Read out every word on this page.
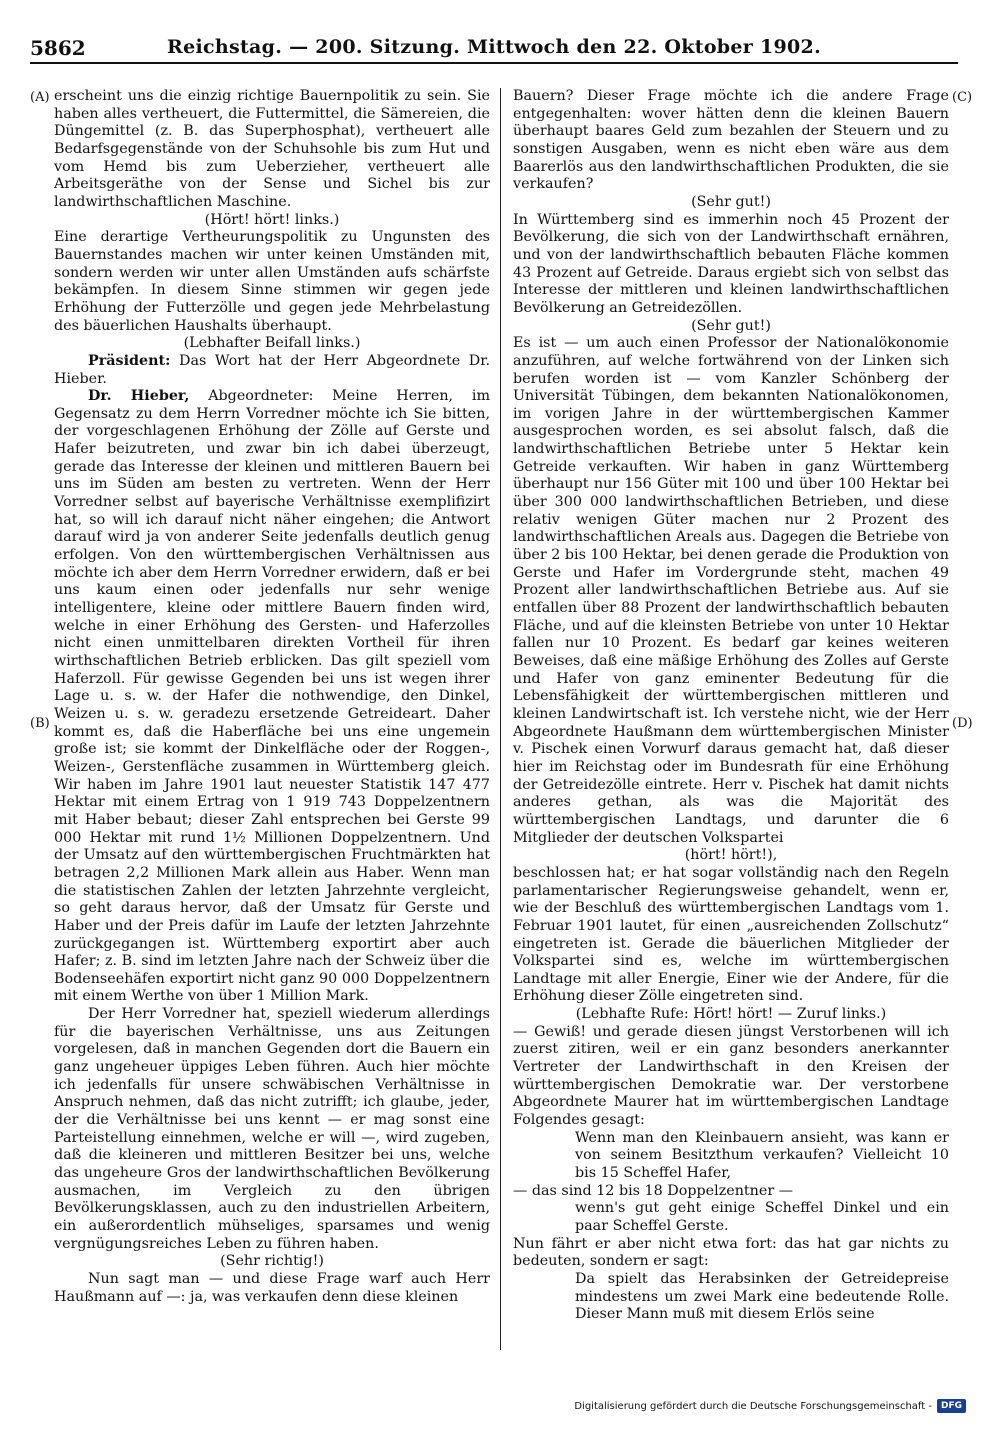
5862	Reichstag. — 200. Sitzung. Mittwoch den 22. Oktober 1902.
(A)
(B)
(C)
(D)

erscheint uns die einzig richtige Bauernpolitik zu sein. Sie haben alles vertheuert, die Futtermittel, die Sämereien, die Düngemittel (z. B. das Superphosphat), vertheuert alle Bedarfsgegenstände von der Schuhsohle bis zum Hut und vom Hemd bis zum Ueberzieher, vertheuert alle Arbeitsgeräthe von der Sense und Sichel bis zur landwirthschaftlichen Maschine.

(Hört! hört! links.)

Eine derartige Vertheurungspolitik zu Ungunsten des Bauernstandes machen wir unter keinen Umständen mit, sondern werden wir unter allen Umständen aufs schärfste bekämpfen. In diesem Sinne stimmen wir gegen jede Erhöhung der Futterzölle und gegen jede Mehrbelastung des bäuerlichen Haushalts überhaupt.

(Lebhafter Beifall links.)

Präsident: Das Wort hat der Herr Abgeordnete Dr. Hieber.

Dr. Hieber, Abgeordneter: Meine Herren, im Gegensatz zu dem Herrn Vorredner möchte ich Sie bitten, der vorgeschlagenen Erhöhung der Zölle auf Gerste und Hafer beizutreten, und zwar bin ich dabei überzeugt, gerade das Interesse der kleinen und mittleren Bauern bei uns im Süden am besten zu vertreten. Wenn der Herr Vorredner selbst auf bayerische Verhältnisse exemplifizirt hat, so will ich darauf nicht näher eingehen; die Antwort darauf wird ja von anderer Seite jedenfalls deutlich genug erfolgen. Von den württembergischen Verhältnissen aus möchte ich aber dem Herrn Vorredner erwidern, daß er bei uns kaum einen oder jedenfalls nur sehr wenige intelligentere, kleine oder mittlere Bauern finden wird, welche in einer Erhöhung des Gersten- und Haferzolles nicht einen unmittelbaren direkten Vortheil für ihren wirthschaftlichen Betrieb erblicken. Das gilt speziell vom Haferzoll. Für gewisse Gegenden bei uns ist wegen ihrer Lage u. s. w. der Hafer die nothwendige, den Dinkel, Weizen u. s. w. geradezu ersetzende Getreideart. Daher kommt es, daß die Haberfläche bei uns eine ungemein große ist; sie kommt der Dinkelfläche oder der Roggen-, Weizen-, Gerstenfläche zusammen in Württemberg gleich. Wir haben im Jahre 1901 laut neuester Statistik 147 477 Hektar mit einem Ertrag von 1 919 743 Doppelzentnern mit Haber bebaut; dieser Zahl entsprechen bei Gerste 99 000 Hektar mit rund 1½ Millionen Doppelzentnern. Und der Umsatz auf den württembergischen Fruchtmärkten hat betragen 2,2 Millionen Mark allein aus Haber. Wenn man die statistischen Zahlen der letzten Jahrzehnte vergleicht, so geht daraus hervor, daß der Umsatz für Gerste und Haber und der Preis dafür im Laufe der letzten Jahrzehnte zurückgegangen ist. Württemberg exportirt aber auch Hafer; z. B. sind im letzten Jahre nach der Schweiz über die Bodenseehäfen exportirt nicht ganz 90 000 Doppelzentnern mit einem Werthe von über 1 Million Mark.

Der Herr Vorredner hat, speziell wiederum allerdings für die bayerischen Verhältnisse, uns aus Zeitungen vorgelesen, daß in manchen Gegenden dort die Bauern ein ganz ungeheuer üppiges Leben führen. Auch hier möchte ich jedenfalls für unsere schwäbischen Verhältnisse in Anspruch nehmen, daß das nicht zutrifft; ich glaube, jeder, der die Verhältnisse bei uns kennt — er mag sonst eine Parteistellung einnehmen, welche er will —, wird zugeben, daß die kleineren und mittleren Besitzer bei uns, welche das ungeheure Gros der landwirthschaftlichen Bevölkerung ausmachen, im Vergleich zu den übrigen Bevölkerungsklassen, auch zu den industriellen Arbeitern, ein außerordentlich mühseliges, sparsames und wenig vergnügungsreiches Leben zu führen haben.

(Sehr richtig!)

Nun sagt man — und diese Frage warf auch Herr Haußmann auf —: ja, was verkaufen denn diese kleinen

Bauern? Dieser Frage möchte ich die andere Frage entgegenhalten: wover hätten denn die kleinen Bauern überhaupt baares Geld zum bezahlen der Steuern und zu sonstigen Ausgaben, wenn es nicht eben wäre aus dem Baarerlös aus den landwirthschaftlichen Produkten, die sie verkaufen?

(Sehr gut!)

In Württemberg sind es immerhin noch 45 Prozent der Bevölkerung, die sich von der Landwirthschaft ernähren, und von der landwirthschaftlich bebauten Fläche kommen 43 Prozent auf Getreide. Daraus ergiebt sich von selbst das Interesse der mittleren und kleinen landwirthschaftlichen Bevölkerung an Getreidezöllen.

(Sehr gut!)

Es ist — um auch einen Professor der Nationalökonomie anzuführen, auf welche fortwährend von der Linken sich berufen worden ist — vom Kanzler Schönberg der Universität Tübingen, dem bekannten Nationalökonomen, im vorigen Jahre in der württembergischen Kammer ausgesprochen worden, es sei absolut falsch, daß die landwirthschaftlichen Betriebe unter 5 Hektar kein Getreide verkauften. Wir haben in ganz Württemberg überhaupt nur 156 Güter mit 100 und über 100 Hektar bei über 300 000 landwirthschaftlichen Betrieben, und diese relativ wenigen Güter machen nur 2 Prozent des landwirthschaftlichen Areals aus. Dagegen die Betriebe von über 2 bis 100 Hektar, bei denen gerade die Produktion von Gerste und Hafer im Vordergrunde steht, machen 49 Prozent aller landwirthschaftlichen Betriebe aus. Auf sie entfallen über 88 Prozent der landwirthschaftlich bebauten Fläche, und auf die kleinsten Betriebe von unter 10 Hektar fallen nur 10 Prozent. Es bedarf gar keines weiteren Beweises, daß eine mäßige Erhöhung des Zolles auf Gerste und Hafer von ganz eminenter Bedeutung für die Lebensfähigkeit der württembergischen mittleren und kleinen Landwirtschaft ist. Ich verstehe nicht, wie der Herr Abgeordnete Haußmann dem württembergischen Minister v. Pischek einen Vorwurf daraus gemacht hat, daß dieser hier im Reichstag oder im Bundesrath für eine Erhöhung der Getreidezölle eintrete. Herr v. Pischek hat damit nichts anderes gethan, als was die Majorität des württembergischen Landtags, und darunter die 6 Mitglieder der deutschen Volkspartei

(hört! hört!),

beschlossen hat; er hat sogar vollständig nach den Regeln parlamentarischer Regierungsweise gehandelt, wenn er, wie der Beschluß des württembergischen Landtags vom 1. Februar 1901 lautet, für einen „ausreichenden Zollschutz“ eingetreten ist. Gerade die bäuerlichen Mitglieder der Volkspartei sind es, welche im württembergischen Landtage mit aller Energie, Einer wie der Andere, für die Erhöhung dieser Zölle eingetreten sind.

(Lebhafte Rufe: Hört! hört! — Zuruf links.)

— Gewiß! und gerade diesen jüngst Verstorbenen will ich zuerst zitiren, weil er ein ganz besonders anerkannter Vertreter der Landwirthschaft in den Kreisen der württembergischen Demokratie war. Der verstorbene Abgeordnete Maurer hat im württembergischen Landtage Folgendes gesagt:

Wenn man den Kleinbauern ansieht, was kann er von seinem Besitzthum verkaufen? Vielleicht 10 bis 15 Scheffel Hafer,

— das sind 12 bis 18 Doppelzentner —

wenn's gut geht einige Scheffel Dinkel und ein paar Scheffel Gerste.

Nun fährt er aber nicht etwa fort: das hat gar nichts zu bedeuten, sondern er sagt:

Da spielt das Herabsinken der Getreidepreise mindestens um zwei Mark eine bedeutende Rolle. Dieser Mann muß mit diesem Erlös seine

Digitalisierung gefördert durch die Deutsche Forschungsgemeinschaft -	DFG
